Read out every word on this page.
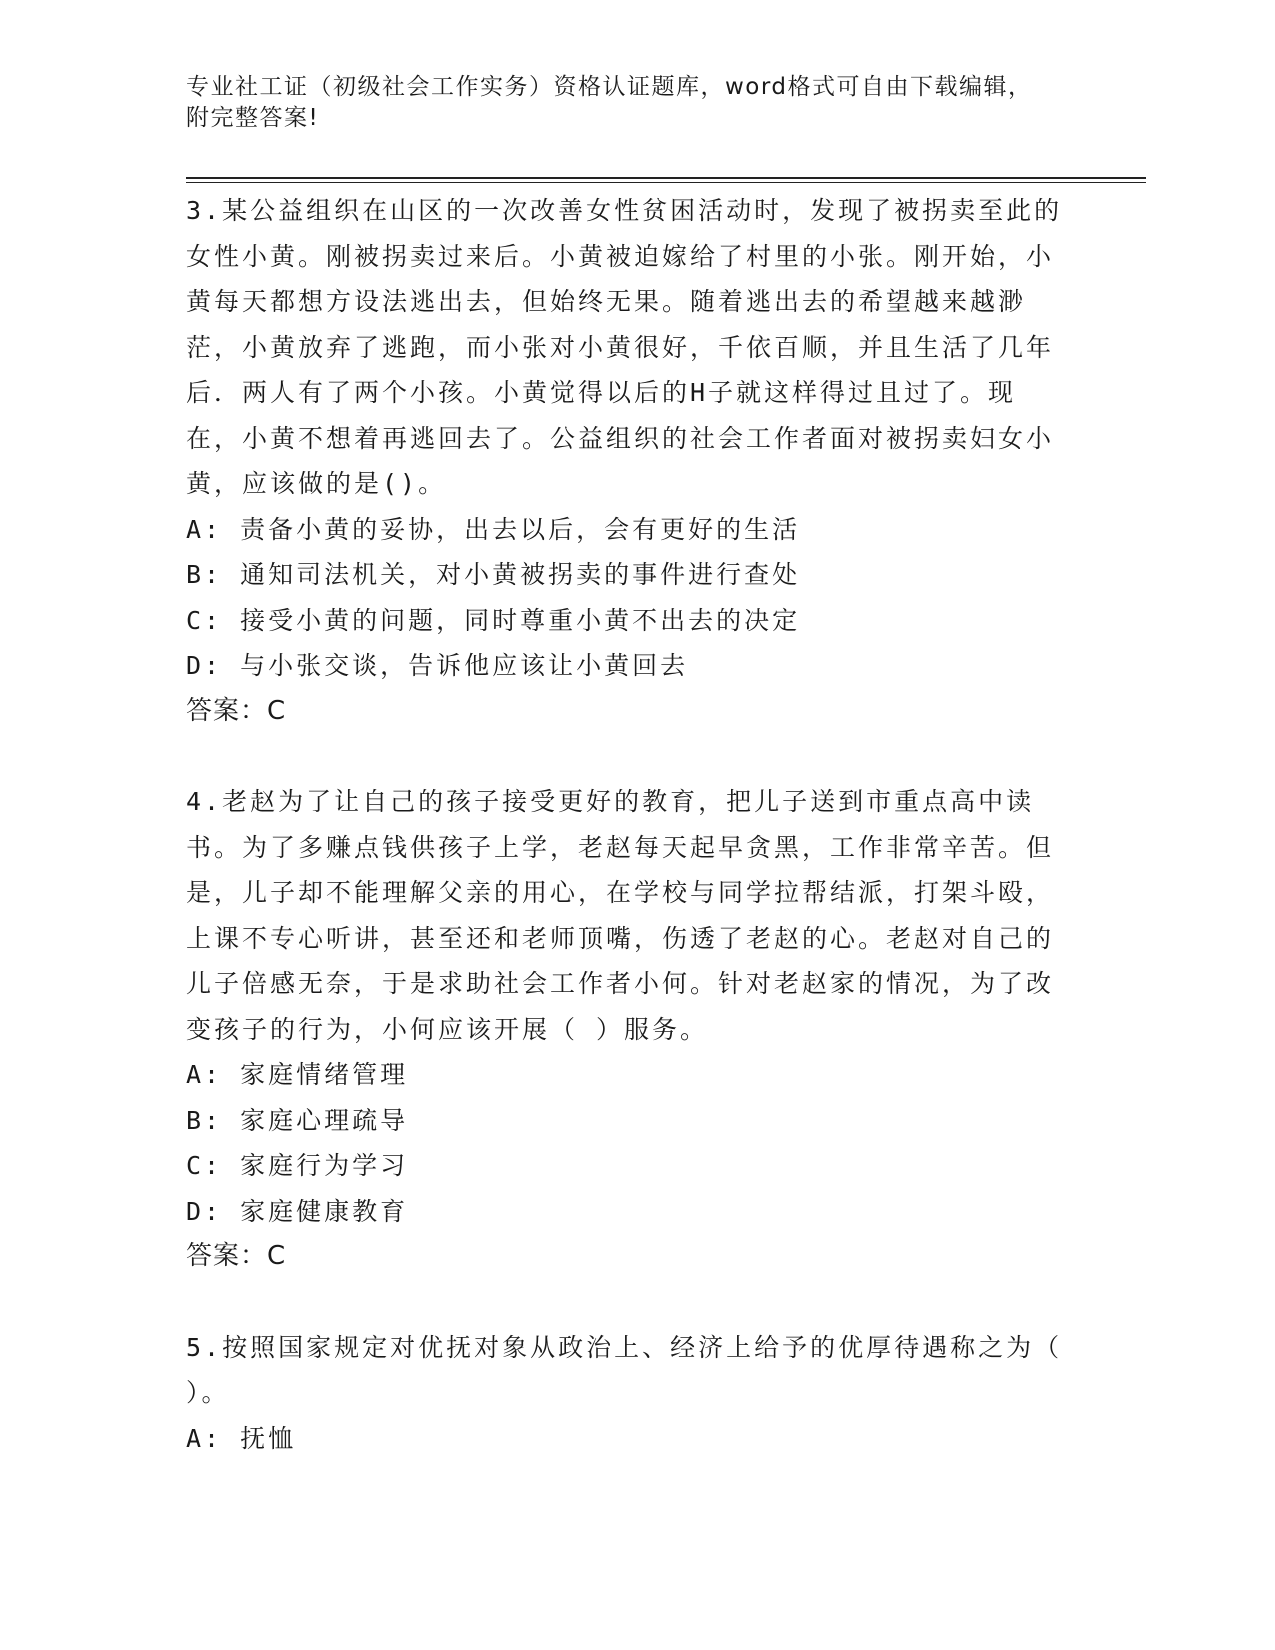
专业社工证（初级社会工作实务）资格认证题库，word格式可自由下载编辑，附完整答案!

3.某公益组织在山区的一次改善女性贫困活动时，发现了被拐卖至此的女性小黄。刚被拐卖过来后。小黄被迫嫁给了村里的小张。刚开始，小黄每天都想方设法逃出去，但始终无果。随着逃出去的希望越来越渺茫，小黄放弃了逃跑，而小张对小黄很好，千依百顺，并且生活了几年后．两人有了两个小孩。小黄觉得以后的H子就这样得过且过了。现在，小黄不想着再逃回去了。公益组织的社会工作者面对被拐卖妇女小黄，应该做的是()。

A: 责备小黄的妥协，出去以后，会有更好的生活

B: 通知司法机关，对小黄被拐卖的事件进行查处

C: 接受小黄的问题，同时尊重小黄不出去的决定

D: 与小张交谈，告诉他应该让小黄回去

答案：C

4.老赵为了让自己的孩子接受更好的教育，把儿子送到市重点高中读书。为了多赚点钱供孩子上学，老赵每天起早贪黑，工作非常辛苦。但是，儿子却不能理解父亲的用心，在学校与同学拉帮结派，打架斗殴，上课不专心听讲，甚至还和老师顶嘴，伤透了老赵的心。老赵对自己的儿子倍感无奈，于是求助社会工作者小何。针对老赵家的情况，为了改变孩子的行为，小何应该开展（ ）服务。

A: 家庭情绪管理

B: 家庭心理疏导

C: 家庭行为学习

D: 家庭健康教育

答案：C

5.按照国家规定对优抚对象从政治上、经济上给予的优厚待遇称之为（ ）。

A: 抚恤
